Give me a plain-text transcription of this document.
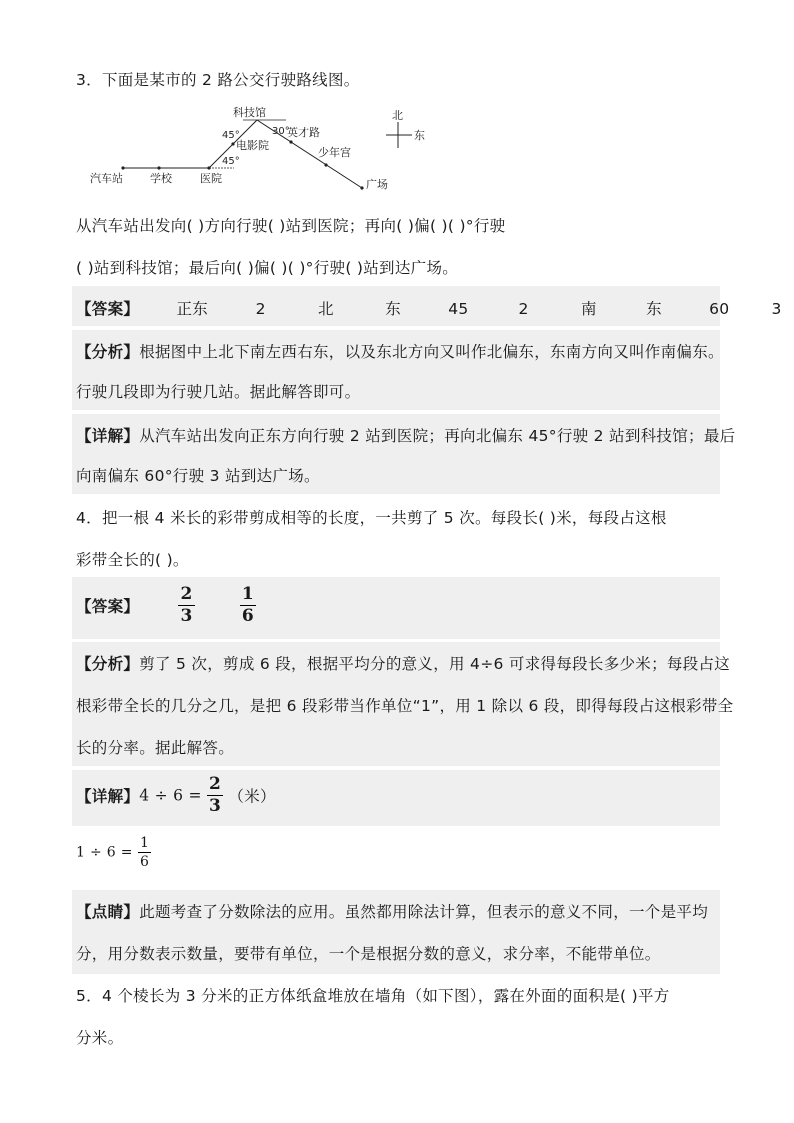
3．下面是某市的 2 路公交行驶路线图。
汽车站 学校	医院
电影院
科技馆
英才路
少年宫
广场
45°
45°
30°
北
东
从汽车站出发向( )方向行驶( )站到医院；再向( )偏( )( )°行驶
( )站到科技馆；最后向( )偏( )( )°行驶( )站到达广场。
【答案】 正东	2	北	东	45	2	南	东	60	3
【分析】根据图中上北下南左西右东，以及东北方向又叫作北偏东，东南方向又叫作南偏东。
行驶几段即为行驶几站。据此解答即可。
【详解】从汽车站出发向正东方向行驶 2 站到医院；再向北偏东 45°行驶 2 站到科技馆；最后
向南偏东 60°行驶 3 站到达广场。
4．把一根 4 米长的彩带剪成相等的长度，一共剪了 5 次。每段长( )米，每段占这根
彩带全长的( )。
【答案】 $\frac{2}{3}$
	$\frac{1}{6}$
【分析】剪了 5 次，剪成 6 段，根据平均分的意义，用 4÷6 可求得每段长多少米；每段占这
根彩带全长的几分之几，是把 6 段彩带当作单位“1”，用 1 除以 6 段，即得每段占这根彩带全
长的分率。据此解答。
【详解】$4 \div 6 = \frac{2}{3}$ （米）
$1 \div 6 = \frac{1}{6}$
【点睛】此题考查了分数除法的应用。虽然都用除法计算，但表示的意义不同，一个是平均
分，用分数表示数量，要带有单位，一个是根据分数的意义，求分率，不能带单位。
5．4 个棱长为 3 分米的正方体纸盒堆放在墙角（如下图），露在外面的面积是( )平方
分米。
